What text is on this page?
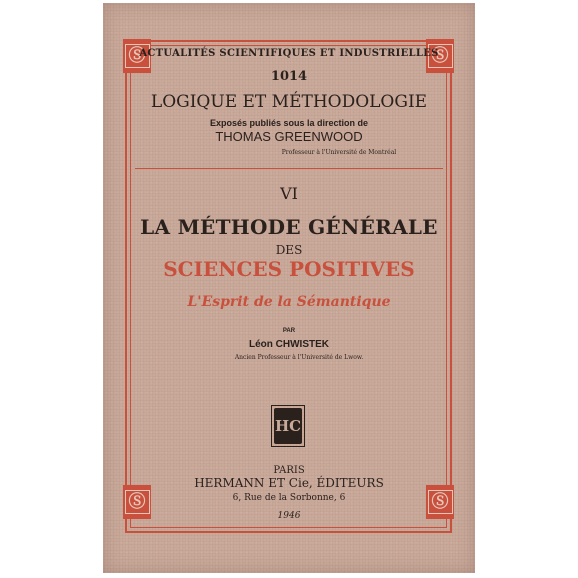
Ⓢ	Ⓢ
Ⓢ	Ⓢ
ACTUALITÉS SCIENTIFIQUES ET INDUSTRIELLES
1014
LOGIQUE ET MÉTHODOLOGIE
Exposés publiés sous la direction de
THOMAS GREENWOOD
Professeur à l'Université de Montréal
VI
LA MÉTHODE GÉNÉRALE
DES
SCIENCES POSITIVES
L'Esprit de la Sémantique
PAR
Léon CHWISTEK
Ancien Professeur à l'Université de Lwow.
HC
PARIS
HERMANN ET Cie, ÉDITEURS
6, Rue de la Sorbonne, 6
1946
